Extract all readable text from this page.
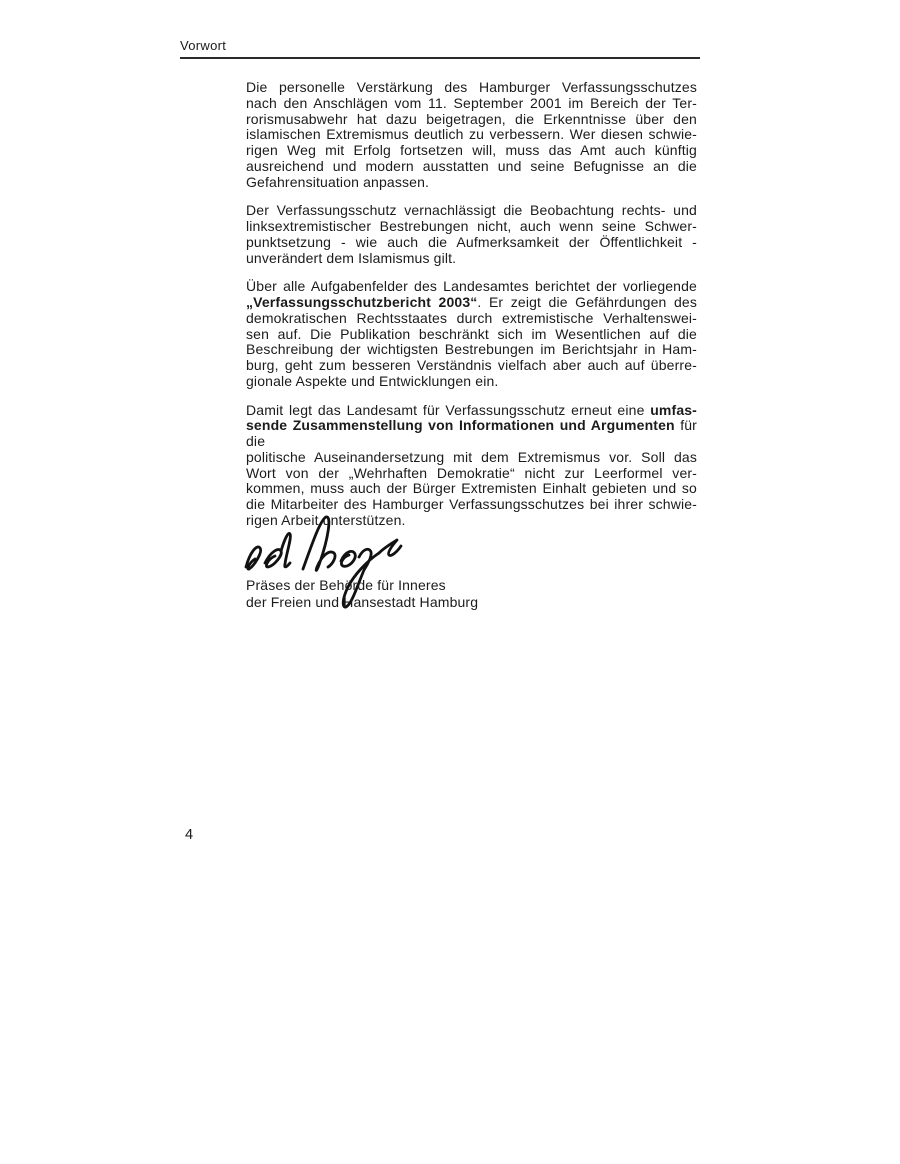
Vorwort
Die personelle Verstärkung des Hamburger Verfassungsschutzes
nach den Anschlägen vom 11. September 2001 im Bereich der Ter-
rorismusabwehr hat dazu beigetragen, die Erkenntnisse über den
islamischen Extremismus deutlich zu verbessern. Wer diesen schwie-
rigen Weg mit Erfolg fortsetzen will, muss das Amt auch künftig
ausreichend und modern ausstatten und seine Befugnisse an die
Gefahrensituation anpassen.
Der Verfassungsschutz vernachlässigt die Beobachtung rechts- und
linksextremistischer Bestrebungen nicht, auch wenn seine Schwer-
punktsetzung - wie auch die Aufmerksamkeit der Öffentlichkeit -
unverändert dem Islamismus gilt.
Über alle Aufgabenfelder des Landesamtes berichtet der vorliegende
„Verfassungsschutzbericht 2003“. Er zeigt die Gefährdungen des
demokratischen Rechtsstaates durch extremistische Verhaltenswei-
sen auf. Die Publikation beschränkt sich im Wesentlichen auf die
Beschreibung der wichtigsten Bestrebungen im Berichtsjahr in Ham-
burg, geht zum besseren Verständnis vielfach aber auch auf überre-
gionale Aspekte und Entwicklungen ein.
Damit legt das Landesamt für Verfassungsschutz erneut eine umfas-
sende Zusammenstellung von Informationen und Argumenten für die
politische Auseinandersetzung mit dem Extremismus vor. Soll das
Wort von der „Wehrhaften Demokratie“ nicht zur Leerformel ver-
kommen, muss auch der Bürger Extremisten Einhalt gebieten und so
die Mitarbeiter des Hamburger Verfassungsschutzes bei ihrer schwie-
rigen Arbeit unterstützen.
Präses der Behörde für Inneres
der Freien und Hansestadt Hamburg
4
